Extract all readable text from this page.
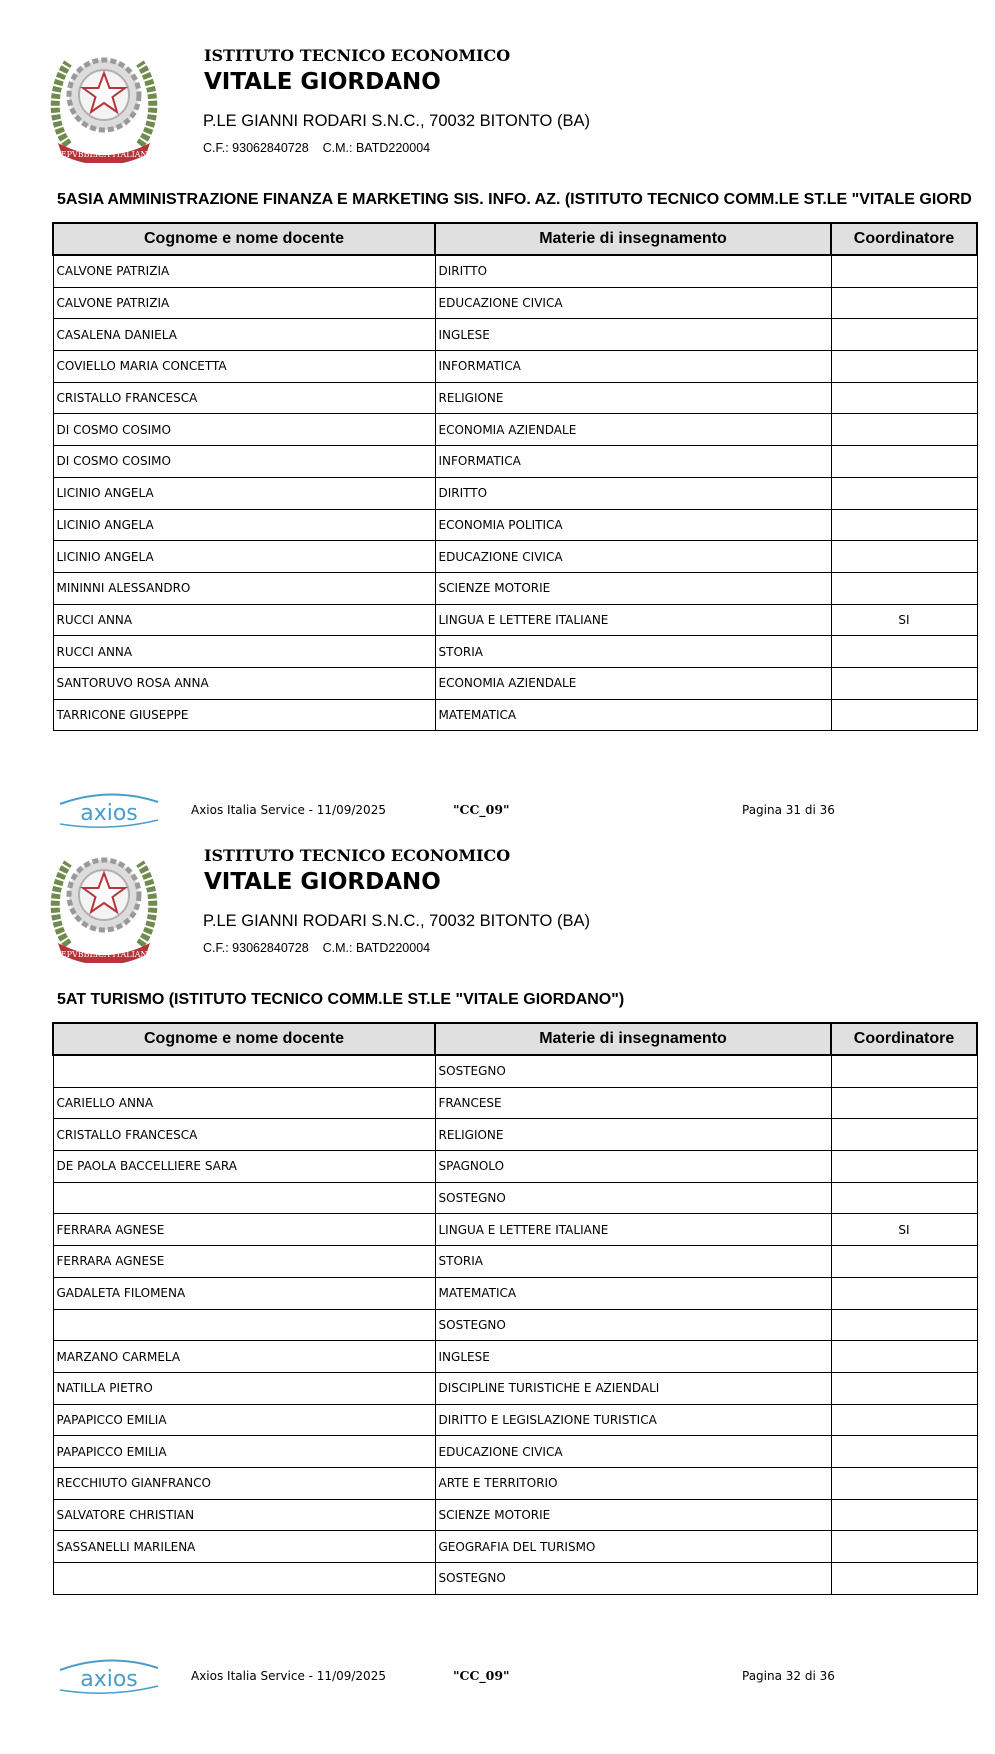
REPVBBLICA ITALIANA
ISTITUTO TECNICO ECONOMICO
VITALE GIORDANO
P.LE GIANNI RODARI S.N.C., 70032 BITONTO (BA)
C.F.: 93062840728 C.M.: BATD220004
5ASIA AMMINISTRAZIONE FINANZA E MARKETING SIS. INFO. AZ. (ISTITUTO TECNICO COMM.LE ST.LE "VITALE GIORD
Cognome e nome docente	Materie di insegnamento	Coordinatore
CALVONE PATRIZIA	DIRITTO	
CALVONE PATRIZIA	EDUCAZIONE CIVICA	
CASALENA DANIELA	INGLESE	
COVIELLO MARIA CONCETTA	INFORMATICA	
CRISTALLO FRANCESCA	RELIGIONE	
DI COSMO COSIMO	ECONOMIA AZIENDALE	
DI COSMO COSIMO	INFORMATICA	
LICINIO ANGELA	DIRITTO	
LICINIO ANGELA	ECONOMIA POLITICA	
LICINIO ANGELA	EDUCAZIONE CIVICA	
MININNI ALESSANDRO	SCIENZE MOTORIE	
RUCCI ANNA	LINGUA E LETTERE ITALIANE	SI
RUCCI ANNA	STORIA	
SANTORUVO ROSA ANNA	ECONOMIA AZIENDALE	
TARRICONE GIUSEPPE	MATEMATICA	
axios	Axios Italia Service - 11/09/2025	"CC_09"	Pagina 31 di 36
REPVBBLICA ITALIANA
ISTITUTO TECNICO ECONOMICO
VITALE GIORDANO
P.LE GIANNI RODARI S.N.C., 70032 BITONTO (BA)
C.F.: 93062840728 C.M.: BATD220004
5AT TURISMO (ISTITUTO TECNICO COMM.LE ST.LE "VITALE GIORDANO")
Cognome e nome docente	Materie di insegnamento	Coordinatore
	SOSTEGNO	
CARIELLO ANNA	FRANCESE	
CRISTALLO FRANCESCA	RELIGIONE	
DE PAOLA BACCELLIERE SARA	SPAGNOLO	
	SOSTEGNO	
FERRARA AGNESE	LINGUA E LETTERE ITALIANE	SI
FERRARA AGNESE	STORIA	
GADALETA FILOMENA	MATEMATICA	
	SOSTEGNO	
MARZANO CARMELA	INGLESE	
NATILLA PIETRO	DISCIPLINE TURISTICHE E AZIENDALI	
PAPAPICCO EMILIA	DIRITTO E LEGISLAZIONE TURISTICA	
PAPAPICCO EMILIA	EDUCAZIONE CIVICA	
RECCHIUTO GIANFRANCO	ARTE E TERRITORIO	
SALVATORE CHRISTIAN	SCIENZE MOTORIE	
SASSANELLI MARILENA	GEOGRAFIA DEL TURISMO	
	SOSTEGNO	
axios	Axios Italia Service - 11/09/2025	"CC_09"	Pagina 32 di 36
